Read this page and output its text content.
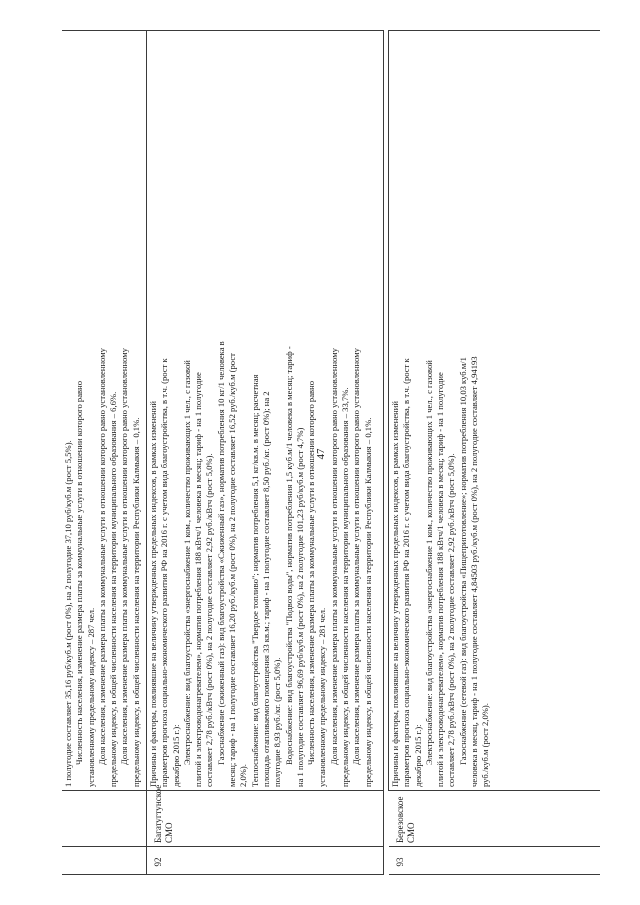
47

1 полугодие составляет 35,16 руб/куб.м (рост 0%), на 2 полугодие 37,10 руб/куб.м (рост 5,5%). Численность населения, изменение размера платы за коммунальные услуги в отношении которого равно установленному предельному индексу – 287 чел. Доля населения, изменение размера платы за коммунальные услуги в отношении которого равно установленному предельному индексу, в общей численности населения на территории муниципального образования – 6,6%. Доля населения, изменение размера платы за коммунальные услуги в отношении которого равно установленному предельному индексу, в общей численности населения на территории Республики Калмыкия – 0,1%.

92
Багатугтунское СМО

Причины и факторы, повлиявшие на величину утвержденных предельных индексов, в рамках изменений параметров прогноза социально-экономического развития РФ на 2016 г. с учетом вида благоустройства, в т.ч. (рост к декабрю 2015 г.): Электроснабжение: вид благоустройства «энергоснабжение 1 ком., количество проживающих 1 чел., с газовой плитой и электроводонагревателем», норматив потребления 188 кВтч/1 человека в месяц; тариф - на 1 полугодие составляет 2,78 руб./кВтч (рост 0%), на 2 полугодие составляет 2,92 руб./кВтч (рост 5,0%). Газоснабжение (сжиженный газ): вид благоустройства «Сжиженный газ», норматив потребления 10 кг/1 человека в месяц; тариф - на 1 полугодие составляет 16,20 руб./куб.м (рост 0%), на 2 полугодие составляет 16,52 руб./куб.м (рост 2,0%). Теплоснабжение: вид благоустройства "Твердое топливо"; норматив потребления 5,1 кг/кв.м. в месяц; расчетная площадь отапливаемого помещения 33 кв.м.; тариф - на 1 полугодие составляет 8,50 руб./кг. (рост 0%); на 2 полугодие 8,93 руб./кг. (рост 5,0%). Водоснабжение: вид благоустройства "Подвоз воды", норматив потребления 1,5 куб.м/1 человека в месяц; тариф - на 1 полугодие составляет 96,69 руб/куб.м (рост 0%), на 2 полугодие 101,23 руб/куб.м (рост 4,7%) Численность населения, изменение размера платы за коммунальные услуги в отношении которого равно установленному предельному индексу – 281 чел. Доля населения, изменение размера платы за коммунальные услуги в отношении которого равно установленному предельному индексу, в общей численности населения на территории муниципального образования – 33,7%. Доля населения, изменение размера платы за коммунальные услуги в отношении которого равно установленному предельному индексу, в общей численности населения на территории Республики Калмыкия – 0,1%.

93
Березовское СМО

Причины и факторы, повлиявшие на величину утвержденных предельных индексов, в рамках изменений параметров прогноза социально-экономического развития РФ на 2016 г. с учетом вида благоустройства, в т.ч. (рост к декабрю 2015 г.): Электроснабжение: вид благоустройства «энергоснабжение 1 ком., количество проживающих 1 чел., с газовой плитой и электроводонагревателем», норматив потребления 188 кВтч/1 человека в месяц; тариф - на 1 полугодие составляет 2,78 руб./кВтч (рост 0%), на 2 полугодие составляет 2,92 руб./кВтч (рост 5,0%). Газоснабжение (сетевой газ): вид благоустройства «Пищеприготовление»; норматив потребления 10,03 куб.м/1 человека в месяц, тариф - на 1 полугодие составляет 4,84503 руб./куб.м (рост 0%), на 2 полугодие составляет 4,94193 руб./куб.м (рост 2,0%).
